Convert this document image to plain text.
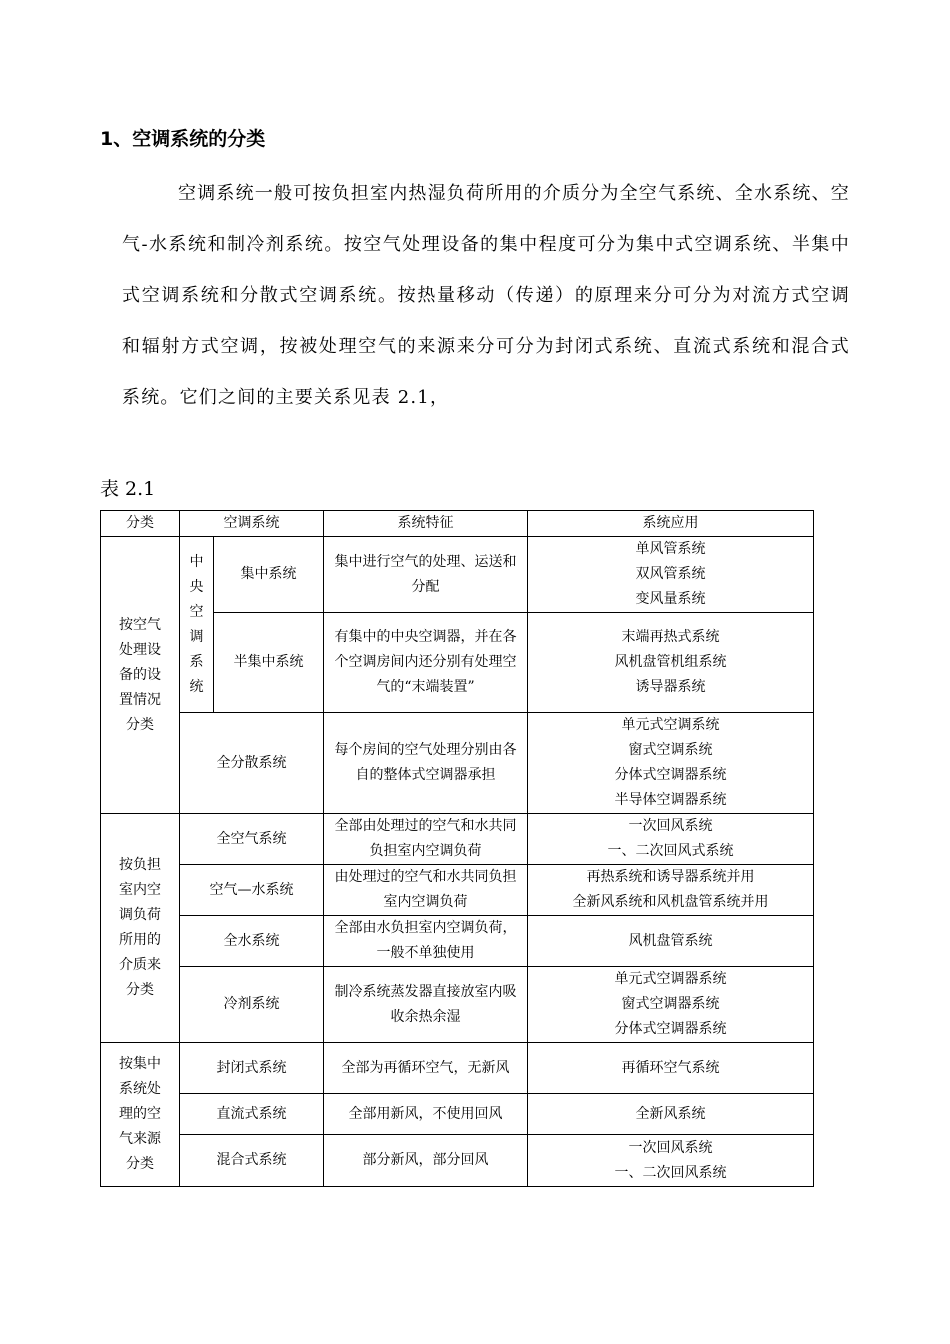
1、空调系统的分类
空调系统一般可按负担室内热湿负荷所用的介质分为全空气系统、全水系统、空气-水系统和制冷剂系统。按空气处理设备的集中程度可分为集中式空调系统、半集中式空调系统和分散式空调系统。按热量移动（传递）的原理来分可分为对流方式空调和辐射方式空调，按被处理空气的来源来分可分为封闭式系统、直流式系统和混合式系统。它们之间的主要关系见表 2.1，
表 2.1
分类	空调系统		系统特征	系统应用
按空气处理设备的设置情况分类	中央空调系统	集中系统	集中进行空气的处理、运送和分配	单风管系统
双风管系统
变风量系统

		半集中系统	有集中的中央空调器，并在各个空调房间内还分别有处理空气的“末端装置”	末端再热式系统
风机盘管机组系统
诱导器系统

	全分散系统		每个房间的空气处理分别由各自的整体式空调器承担	单元式空调系统
窗式空调系统
分体式空调器系统
半导体空调器系统

按负担室内空调负荷所用的介质来分类	全空气系统		全部由处理过的空气和水共同负担室内空调负荷	一次回风系统
一、二次回风式系统

	空气—水系统		由处理过的空气和水共同负担室内空调负荷	再热系统和诱导器系统并用
全新风系统和风机盘管系统并用

	全水系统		全部由水负担室内空调负荷，一般不单独使用	风机盘管系统

	冷剂系统		制冷系统蒸发器直接放室内吸收余热余湿	单元式空调器系统
窗式空调器系统
分体式空调器系统

按集中系统处理的空气来源分类	封闭式系统		全部为再循环空气，无新风	再循环空气系统

	直流式系统		全部用新风，不使用回风	全新风系统

	混合式系统		部分新风，部分回风	一次回风系统
一、二次回风系统
